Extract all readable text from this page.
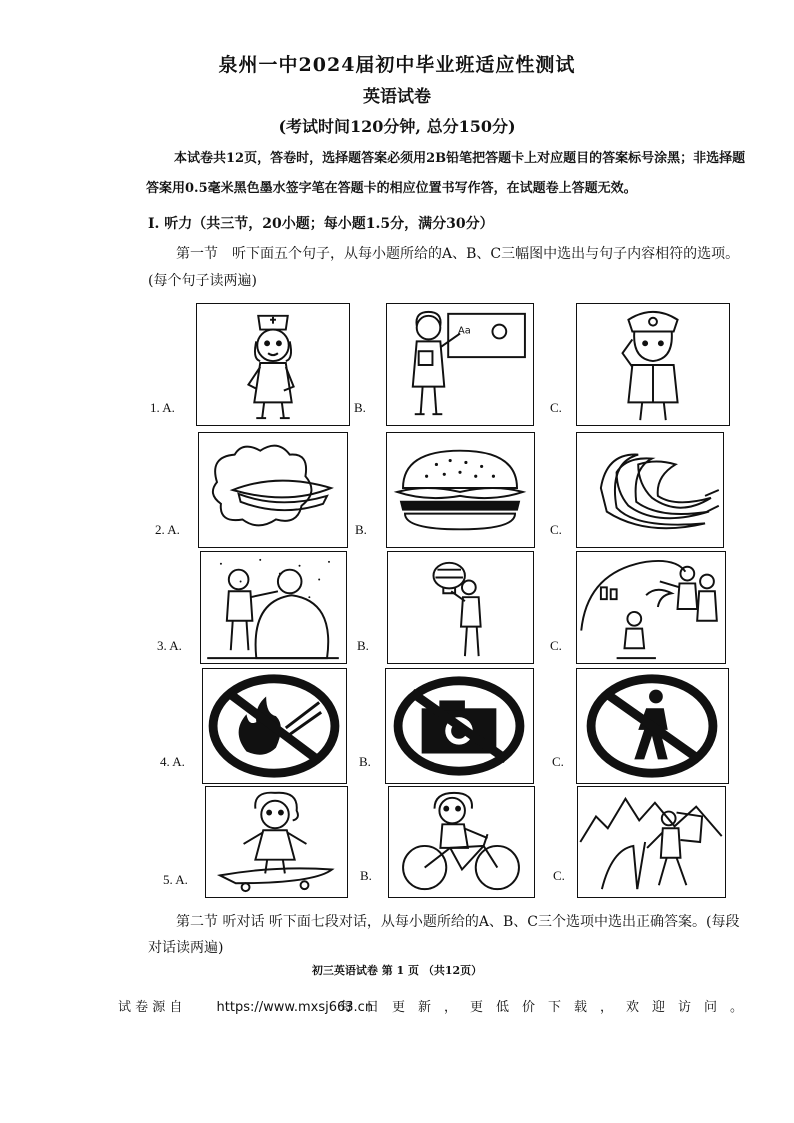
泉州一中2024届初中毕业班适应性测试
英语试卷
(考试时间120分钟, 总分150分)
本试卷共12页，答卷时，选择题答案必须用2B铅笔把答题卡上对应题目的答案标号涂黑；非选择题答案用0.5毫米黑色墨水签字笔在答题卡的相应位置书写作答，在试题卷上答题无效。
Ⅰ. 听力（共三节，20小题；每小题1.5分，满分30分）
第一节　听下面五个句子，从每小题所给的A、B、C三幅图中选出与句子内容相符的选项。(每个句子读两遍)
1. A.	B.	C.
2. A.	B.	C.
3. A.	B.	C.
4. A.	B.	C.
5. A.	B.	C.
Aa
第二节 听对话 听下面七段对话，从每小题所给的A、B、C三个选项中选出正确答案。(每段对话读两遍)
初三英语试卷 第 1 页 （共12页）
试 卷 源 自	https://www.mxsj663.cn
每日更新，更低价下载，欢迎访问。
